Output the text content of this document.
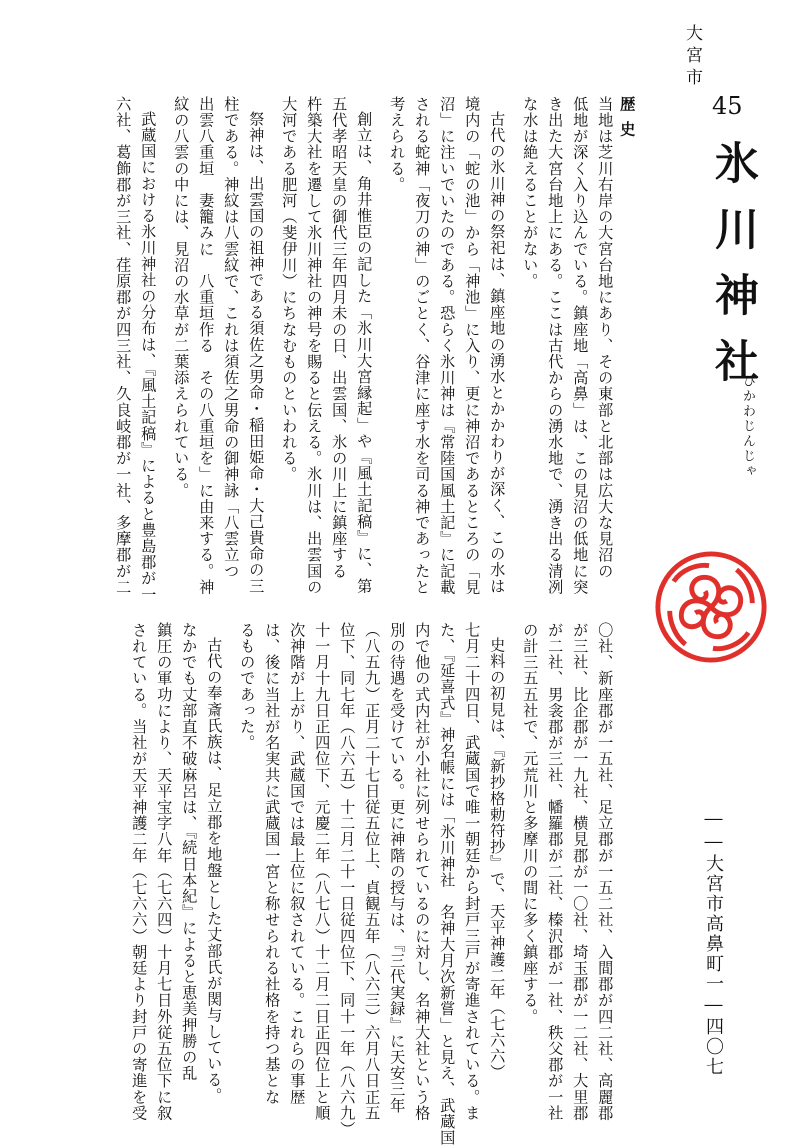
大宮市
45
氷川神社
ひかわじんじゃ
――大宮市高鼻町一―四〇七
歴史
当地は芝川右岸の大宮台地にあり、その東部と北部は広大な見沼の
低地が深く入り込んでいる。鎮座地「高鼻」は、この見沼の低地に突
き出た大宮台地上にある。ここは古代からの湧水地で、湧き出る清冽
な水は絶えることがない。
古代の氷川神の祭祀は、鎮座地の湧水とかかわりが深く、この水は
境内の「蛇の池」から「神池」に入り、更に神沼であるところの「見
沼」に注いでいたのである。恐らく氷川神は『常陸国風土記』に記載
される蛇神「夜刀の神」のごとく、谷津に座す水を司る神であったと
考えられる。
創立は、角井惟臣の記した「氷川大宮縁起」や『風土記稿』に、第
五代孝昭天皇の御代三年四月未の日、出雲国、氷の川上に鎮座する
杵築大社を遷して氷川神社の神号を賜ると伝える。氷川は、出雲国の
大河である肥河（斐伊川）にちなむものといわれる。
祭神は、出雲国の祖神である須佐之男命・稲田姫命・大己貴命の三
柱である。神紋は八雲紋で、これは須佐之男命の御神詠「八雲立つ
出雲八重垣　妻籠みに　八重垣作る　その八重垣を」に由来する。神
紋の八雲の中には、見沼の水草が二葉添えられている。
武蔵国における氷川神社の分布は、『風土記稿』によると豊島郡が一
六社、葛飾郡が三社、荏原郡が四三社、久良岐郡が一社、多摩郡が二
〇社、新座郡が一五社、足立郡が一五二社、入間郡が四二社、高麗郡
が三社、比企郡が一九社、横見郡が一〇社、埼玉郡が一二社、大里郡
が二社、男衾郡が三社、幡羅郡が二社、榛沢郡が一社、秩父郡が一社
の計三五五社で、元荒川と多摩川の間に多く鎮座する。
史料の初見は、『新抄格勅符抄』で、天平神護二年（七六六）
七月二十四日、武蔵国で唯一朝廷から封戸三戸が寄進されている。ま
た、『延喜式』神名帳には「氷川神社　名神大月次新嘗」と見え、武蔵国
内で他の式内社が小社に列せられているのに対し、名神大社という格
別の待遇を受けている。更に神階の授与は、『三代実録』に天安三年
（八五九）正月二十七日従五位上、貞観五年（八六三）六月八日正五
位下、同七年（八六五）十二月二十一日従四位下、同十一年（八六九）
十一月十九日正四位下、元慶二年（八七八）十二月二日正四位上と順
次神階が上がり、武蔵国では最上位に叙されている。これらの事歴
は、後に当社が名実共に武蔵国一宮と称せられる社格を持つ基とな
るものであった。
古代の奉斎氏族は、足立郡を地盤とした丈部氏が関与している。
なかでも丈部直不破麻呂は、『続日本紀』によると恵美押勝の乱
鎮圧の軍功により、天平宝字八年（七六四）十月七日外従五位下に叙
されている。当社が天平神護二年（七六六）朝廷より封戸の寄進を受
